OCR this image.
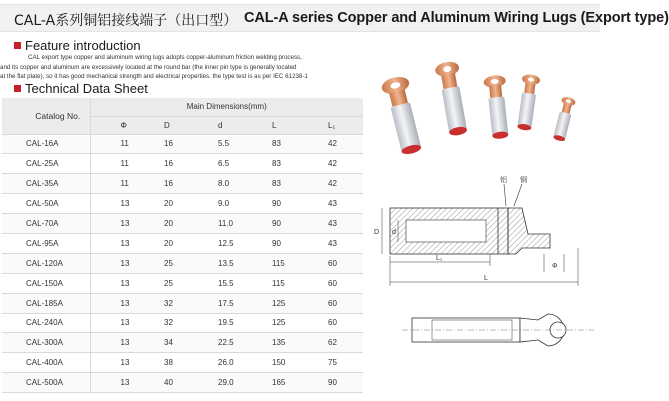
CAL-A系列铜铝接线端子（出口型） CAL-A series Copper and Aluminum Wiring Lugs (Export type)
Feature introduction
CAL export type copper and aluminum wiring lugs adopts copper-aluminum friction welding process,
and its copper and aluminum are excessively located at the round bar (the inner pin type is generally located
at the flat plate), so it has good mechanical strength and electrical properties. the type test is as per IEC 61238-1
Technical Data Sheet
Catalog No.	Main Dimensions(mm)				
	Φ	D	d	L	L₁
CAL-16A	11	16	5.5	83	42
CAL-25A	11	16	6.5	83	42
CAL-35A	11	16	8.0	83	42
CAL-50A	13	20	9.0	90	43
CAL-70A	13	20	11.0	90	43
CAL-95A	13	20	12.5	90	43
CAL-120A	13	25	13.5	115	60
CAL-150A	13	25	15.5	115	60
CAL-185A	13	32	17.5	125	60
CAL-240A	13	32	19.5	125	60
CAL-300A	13	34	22.5	135	62
CAL-400A	13	38	26.0	150	75
CAL-500A	13	40	29.0	165	90
铝 铜
D d
L₁
L
Φ
